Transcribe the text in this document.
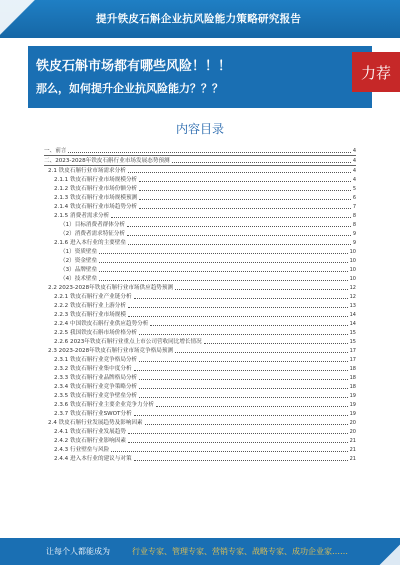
提升铁皮石斛企业抗风险能力策略研究报告
铁皮石斛市场都有哪些风险！！！
那么，如何提升企业抗风险能力？？？
力荐
内容目录
一、前言	4
二、2023-2028年铁皮石斛行业市场发展态势预测	4
2.1 铁皮石斛行业市场需求分析	4
2.1.1 铁皮石斛行业市场规模分析	4
2.1.2 铁皮石斛行业市场份额分析	5
2.1.3 铁皮石斛行业市场规模预测	6
2.1.4 铁皮石斛行业市场趋势分析	7
2.1.5 消费者需求分析	8
（1）目标消费者群体分析	8
（2）消费者需求特征分析	9
2.1.6 进入本行业的主要壁垒	9
（1）资质壁垒	10
（2）资金壁垒	10
（3）品牌壁垒	10
（4）技术壁垒	10
2.2 2023-2028年铁皮石斛行业市场供应趋势预测	12
2.2.1 铁皮石斛行业产业链分析	12
2.2.2 铁皮石斛行业上游分析	13
2.2.3 铁皮石斛行业市场规模	14
2.2.4 中国铁皮石斛行业供应趋势分析	14
2.2.5 我国铁皮石斛市场价格分析	15
2.2.6 2023年铁皮石斛行业重点上市公司营收同比增长情况	15
2.3 2023-2028年铁皮石斛行业市场竞争格局预测	17
2.3.1 铁皮石斛行业竞争格局分析	17
2.3.2 铁皮石斛行业集中度分析	18
2.3.3 铁皮石斛行业品牌格局分析	18
2.3.4 铁皮石斛行业竞争策略分析	18
2.3.5 铁皮石斛行业竞争壁垒分析	19
2.3.6 铁皮石斛行业主要企业竞争力分析	19
2.3.7 铁皮石斛行业SWOT分析	19
2.4 铁皮石斛行业发展趋势及影响因素	20
2.4.1 铁皮石斛行业发展趋势	20
2.4.2 铁皮石斛行业影响因素	21
2.4.3 行业壁垒与风险	21
2.4.4 进入本行业的建议与对策	21
让每个人都能成为	行业专家、管理专家、营销专家、战略专家、成功企业家……
